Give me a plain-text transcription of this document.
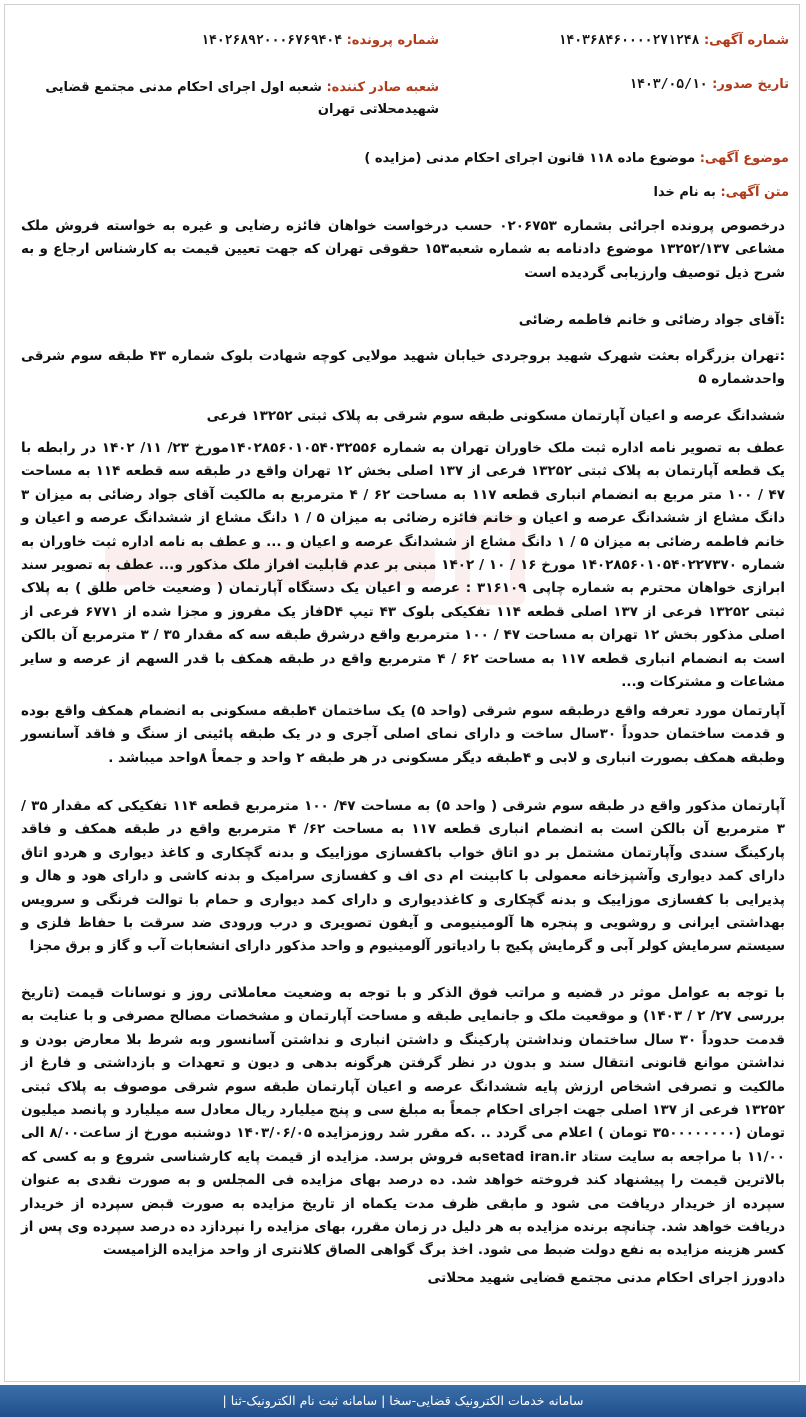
شماره آگهی: ۱۴۰۳۶۸۴۶۰۰۰۰۲۷۱۲۴۸
شماره پرونده: ۱۴۰۲۶۸۹۲۰۰۰۶۷۶۹۴۰۴
تاریخ صدور: ۱۴۰۳/۰۵/۱۰
شعبه صادر کننده: شعبه اول اجرای احکام مدنی مجتمع قضایی شهیدمحلاتی تهران
موضوع آگهی: موضوع ماده ۱۱۸ قانون اجرای احکام مدنی (مزایده )
متن آگهی: به نام خدا
درخصوص پرونده اجرائی بشماره ۰۲۰۶۷۵۳ حسب درخواست خواهان فائزه رضایی و غیره به خواسته فروش ملک مشاعی ۱۳۲۵۲/۱۳۷ موضوع دادنامه به شماره شعبه۱۵۳ حقوقی تهران که جهت تعیین قیمت به کارشناس ارجاع و به شرح ذیل توصیف وارزیابی گردیده است
:آقای جواد رضائی و خانم فاطمه رضائی
:تهران بزرگراه بعثت شهرک شهید بروجردی خیابان شهید مولایی کوچه شهادت بلوک شماره ۴۳ طبقه سوم شرقی واحدشماره ۵
ششدانگ عرصه و اعیان آپارتمان مسکونی طبقه سوم شرقی به پلاک ثبتی ۱۳۲۵۲ فرعی
عطف به تصویر نامه اداره ثبت ملک خاوران تهران به شماره ۱۴۰۲۸۵۶۰۱۰۵۴۰۳۲۵۵۶مورخ ۲۳/ ۱۱/ ۱۴۰۲ در رابطه با یک قطعه آپارتمان به پلاک ثبتی ۱۳۲۵۲ فرعی از ۱۳۷ اصلی بخش ۱۲ تهران واقع در طبقه سه قطعه ۱۱۴ به مساحت ۴۷ / ۱۰۰ متر مربع به انضمام انباری قطعه ۱۱۷ به مساحت ۶۲ / ۴ مترمربع به مالکیت آقای جواد رضائی به میزان ۳ دانگ مشاع از ششدانگ عرصه و اعیان و خانم فائزه رضائی به میزان ۵ / ۱ دانگ مشاع از ششدانگ عرصه و اعیان و خانم فاطمه رضائی به میزان ۵ / ۱ دانگ مشاع از ششدانگ عرصه و اعیان و ... و عطف به نامه اداره ثبت خاوران به شماره ۱۴۰۲۸۵۶۰۱۰۵۴۰۲۲۷۳۷۰ مورخ ۱۶ / ۱۰ / ۱۴۰۲ مبنی بر عدم قابلیت افراز ملک مذکور و... عطف به تصویر سند ابرازی خواهان محترم به شماره چاپی ۳۱۶۱۰۹ : عرصه و اعیان یک دستگاه آپارتمان ( وضعیت خاص طلق ) به پلاک ثبتی ۱۳۲۵۲ فرعی از ۱۳۷ اصلی قطعه ۱۱۴ تفکیکی بلوک ۴۳ تیپ D۴فاز یک مفروز و مجزا شده از ۶۷۷۱ فرعی از اصلی مذکور بخش ۱۲ تهران به مساحت ۴۷ / ۱۰۰ مترمربع واقع درشرق طبقه سه که مقدار ۳۵ / ۳ مترمربع آن بالکن است به انضمام انباری قطعه ۱۱۷ به مساحت ۶۲ / ۴ مترمربع واقع در طبقه همکف با قدر السهم از عرصه و سایر مشاعات و مشترکات و...
آپارتمان مورد تعرفه واقع درطبقه سوم شرقی (واحد ۵) یک ساختمان ۴طبقه مسکونی به انضمام همکف واقع بوده و قدمت ساختمان حدوداً ۳۰سال ساخت و دارای نمای اصلی آجری و در یک طبقه پائینی از سنگ و فاقد آسانسور وطبقه همکف بصورت انباری و لابی و ۴طبقه دیگر مسکونی در هر طبقه ۲ واحد و جمعاً ۸واحد میباشد .
آپارتمان مذکور واقع در طبقه سوم شرقی ( واحد ۵) به مساحت ۴۷/ ۱۰۰ مترمربع قطعه ۱۱۴ تفکیکی که مقدار ۳۵ / ۳ مترمربع آن بالکن است به انضمام انباری قطعه ۱۱۷ به مساحت ۶۲/ ۴ مترمربع واقع در طبقه همکف و فاقد پارکینگ سندی وآپارتمان مشتمل بر دو اتاق خواب باکفسازی موزاییک و بدنه گچکاری و کاغذ دیواری و هردو اتاق دارای کمد دیواری وآشپزخانه معمولی با کابینت ام دی اف و کفسازی سرامیک و بدنه کاشی و دارای هود و هال و پذیرایی با کفسازی موزاییک و بدنه گچکاری و کاغذدیواری و دارای کمد دیواری و حمام با توالت فرنگی و سرویس بهداشتی ایرانی و روشویی و پنجره ها آلومینیومی و آیفون تصویری و درب ورودی ضد سرقت با حفاظ فلزی و سیستم سرمایش کولر آبی و گرمایش پکیج با رادیاتور آلومینیوم و واحد مذکور دارای انشعابات آب و گاز و برق مجزا
با توجه به عوامل موثر در قضیه و مراتب فوق الذکر و با توجه به وضعیت معاملاتی روز و نوسانات قیمت (تاریخ بررسی ۲۷/ ۲ / ۱۴۰۳) و موقعیت ملک و جانمایی طبقه و مساحت آپارتمان و مشخصات مصالح مصرفی و با عنایت به قدمت حدوداً ۳۰ سال ساختمان ونداشتن پارکینگ و داشتن انباری و نداشتن آسانسور وبه شرط بلا معارض بودن و نداشتن موانع قانونی انتقال سند و بدون در نظر گرفتن هرگونه بدهی و دیون و تعهدات و بازداشتی و فارغ از مالکیت و تصرفی اشخاص ارزش پایه ششدانگ عرصه و اعیان آپارتمان طبقه سوم شرقی موصوف به پلاک ثبتی ۱۳۲۵۲ فرعی از ۱۳۷ اصلی جهت اجرای احکام جمعاً به مبلغ سی و پنج میلیارد ریال معادل سه میلیارد و پانصد میلیون تومان (۳۵۰۰۰۰۰۰۰۰ تومان ) اعلام می گردد .. .که مقرر شد روزمزایده ۱۴۰۳/۰۶/۰۵ دوشنبه مورخ از ساعت۸/۰۰ الی ۱۱/۰۰ با مراجعه به سایت ستاد setad iran.irبه فروش برسد. مزایده از قیمت پایه کارشناسی شروع و به کسی که بالاترین قیمت را پیشنهاد کند فروخته خواهد شد. ده درصد بهای مزایده فی المجلس و به صورت نقدی به عنوان سپرده از خریدار دریافت می شود و مابقی ظرف مدت یکماه از تاریخ مزایده به صورت قبض سپرده از خریدار دریافت خواهد شد. چنانچه برنده مزایده به هر دلیل در زمان مقرر، بهای مزایده را نپردازد ده درصد سپرده وی پس از کسر هزینه مزایده به نفع دولت ضبط می شود. اخذ برگ گواهی الصاق کلانتری از واحد مزایده الزامیست
دادورز اجرای احکام مدنی مجتمع قضایی شهید محلاتی
سامانه خدمات الکترونیک قضایی-سخا | سامانه ثبت نام الکترونیک-ثنا |
